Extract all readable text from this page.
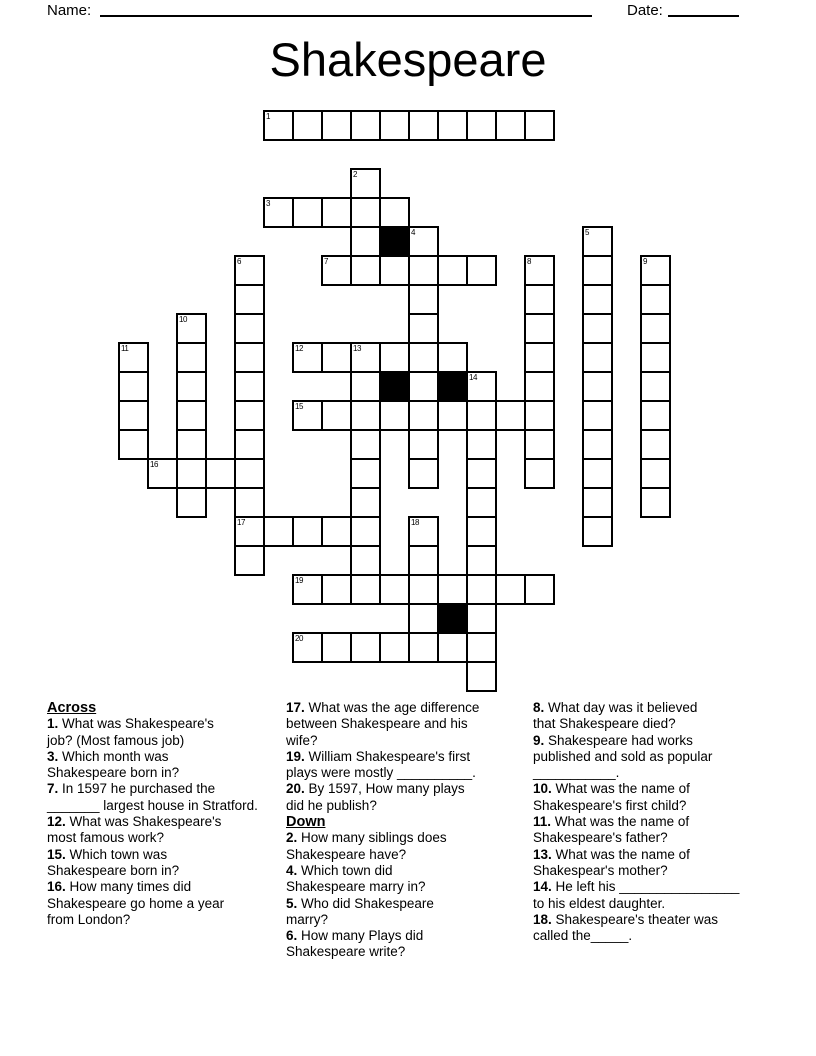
Name:	Date:
Shakespeare
1
2
3
4	5
6	7	8	9
10
11	12	13
14
15
16
17	18
19
20
Across

1. What was Shakespeare's
job? (Most famous job)

3. Which month was
Shakespeare born in?

7. In 1597 he purchased the
_______ largest house in Stratford.

12. What was Shakespeare's
most famous work?

15. Which town was
Shakespeare born in?

16. How many times did
Shakespeare go home a year
from London?

17. What was the age difference
between Shakespeare and his
wife?

19. William Shakespeare's first
plays were mostly __________.

20. By 1597, How many plays
did he publish?

Down

2. How many siblings does
Shakespeare have?

4. Which town did
Shakespeare marry in?

5. Who did Shakespeare
marry?

6. How many Plays did
Shakespeare write?

8. What day was it believed
that Shakespeare died?

9. Shakespeare had works
published and sold as popular
___________.

10. What was the name of
Shakespeare's first child?

11. What was the name of
Shakespeare's father?

13. What was the name of
Shakespear's mother?

14. He left his ________________
to his eldest daughter.

18. Shakespeare's theater was
called the_____.
